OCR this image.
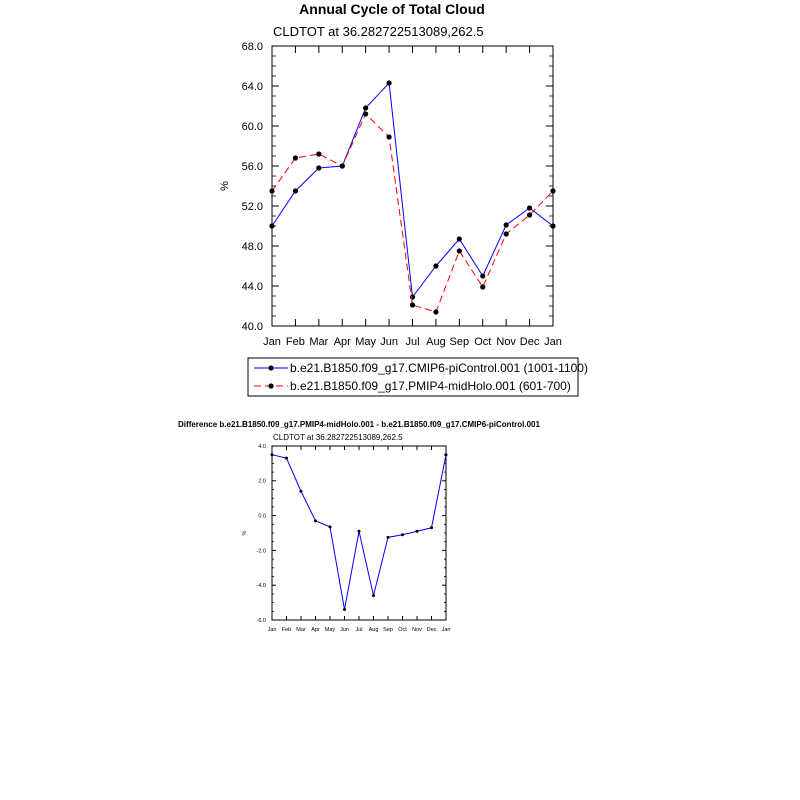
Annual Cycle of Total Cloud
CLDTOT at 36.282722513089,262.5
40.0
44.0
48.0
52.0
56.0
60.0
64.0
68.0
Jan Feb Mar Apr May Jun Jul Aug Sep Oct Nov Dec Jan
%
b.e21.B1850.f09_g17.CMIP6-piControl.001 (1001-1100)
b.e21.B1850.f09_g17.PMIP4-midHolo.001 (601-700)
Difference b.e21.B1850.f09_g17.PMIP4-midHolo.001 - b.e21.B1850.f09_g17.CMIP6-piControl.001
CLDTOT at 36.282722513089,262.5
-6.0
-4.0
-2.0
0.0
2.0
4.0
Jan Feb Mar Apr May Jun Jul Aug Sep Oct Nov Dec Jan
%
